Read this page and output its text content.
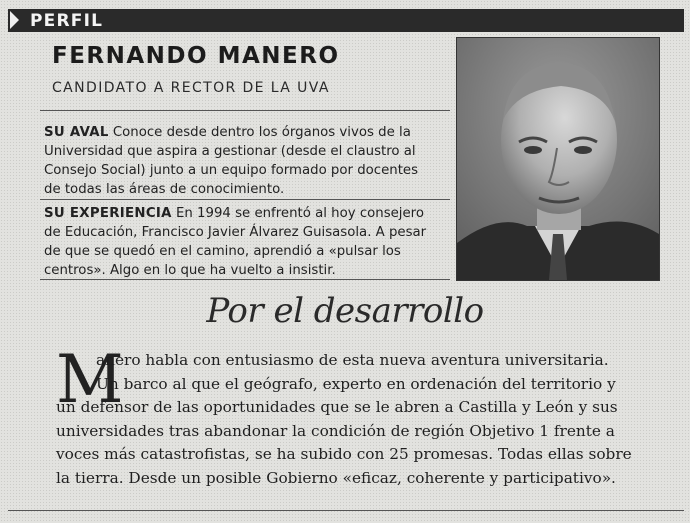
PERFIL
FERNANDO MANERO
CANDIDATO A RECTOR DE LA UVA
SU AVAL Conoce desde dentro los órganos vivos de la
Universidad que aspira a gestionar (desde el claustro al
Consejo Social) junto a un equipo formado por docentes
de todas las áreas de conocimiento.
SU EXPERIENCIA En 1994 se enfrentó al hoy consejero
de Educación, Francisco Javier Álvarez Guisasola. A pesar
de que se quedó en el camino, aprendió a «pulsar los
centros». Algo en lo que ha vuelto a insistir.
Por el desarrollo
M
anero habla con entusiasmo de esta nueva aventura universitaria.
Un barco al que el geógrafo, experto en ordenación del territorio y
un defensor de las oportunidades que se le abren a Castilla y León y sus
universidades tras abandonar la condición de región Objetivo 1 frente a
voces más catastrofistas, se ha subido con 25 promesas. Todas ellas sobre
la tierra. Desde un posible Gobierno «eficaz, coherente y participativo».
